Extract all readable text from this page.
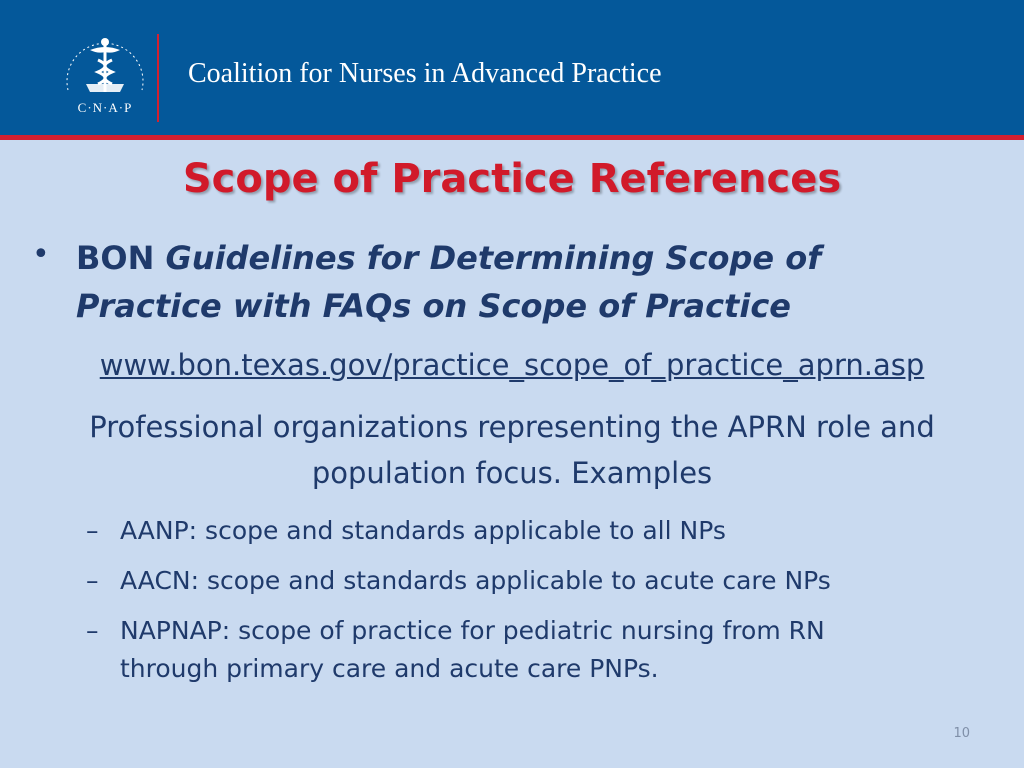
C·N·A·P
Coalition for Nurses in Advanced Practice
Scope of Practice References
• BON Guidelines for Determining Scope of Practice with FAQs on Scope of Practice
www.bon.texas.gov/practice_scope_of_practice_aprn.asp
Professional organizations representing the APRN role and population focus. Examples
– AANP: scope and standards applicable to all NPs
– AACN: scope and standards applicable to acute care NPs
– NAPNAP: scope of practice for pediatric nursing from RN through primary care and acute care PNPs.
10
